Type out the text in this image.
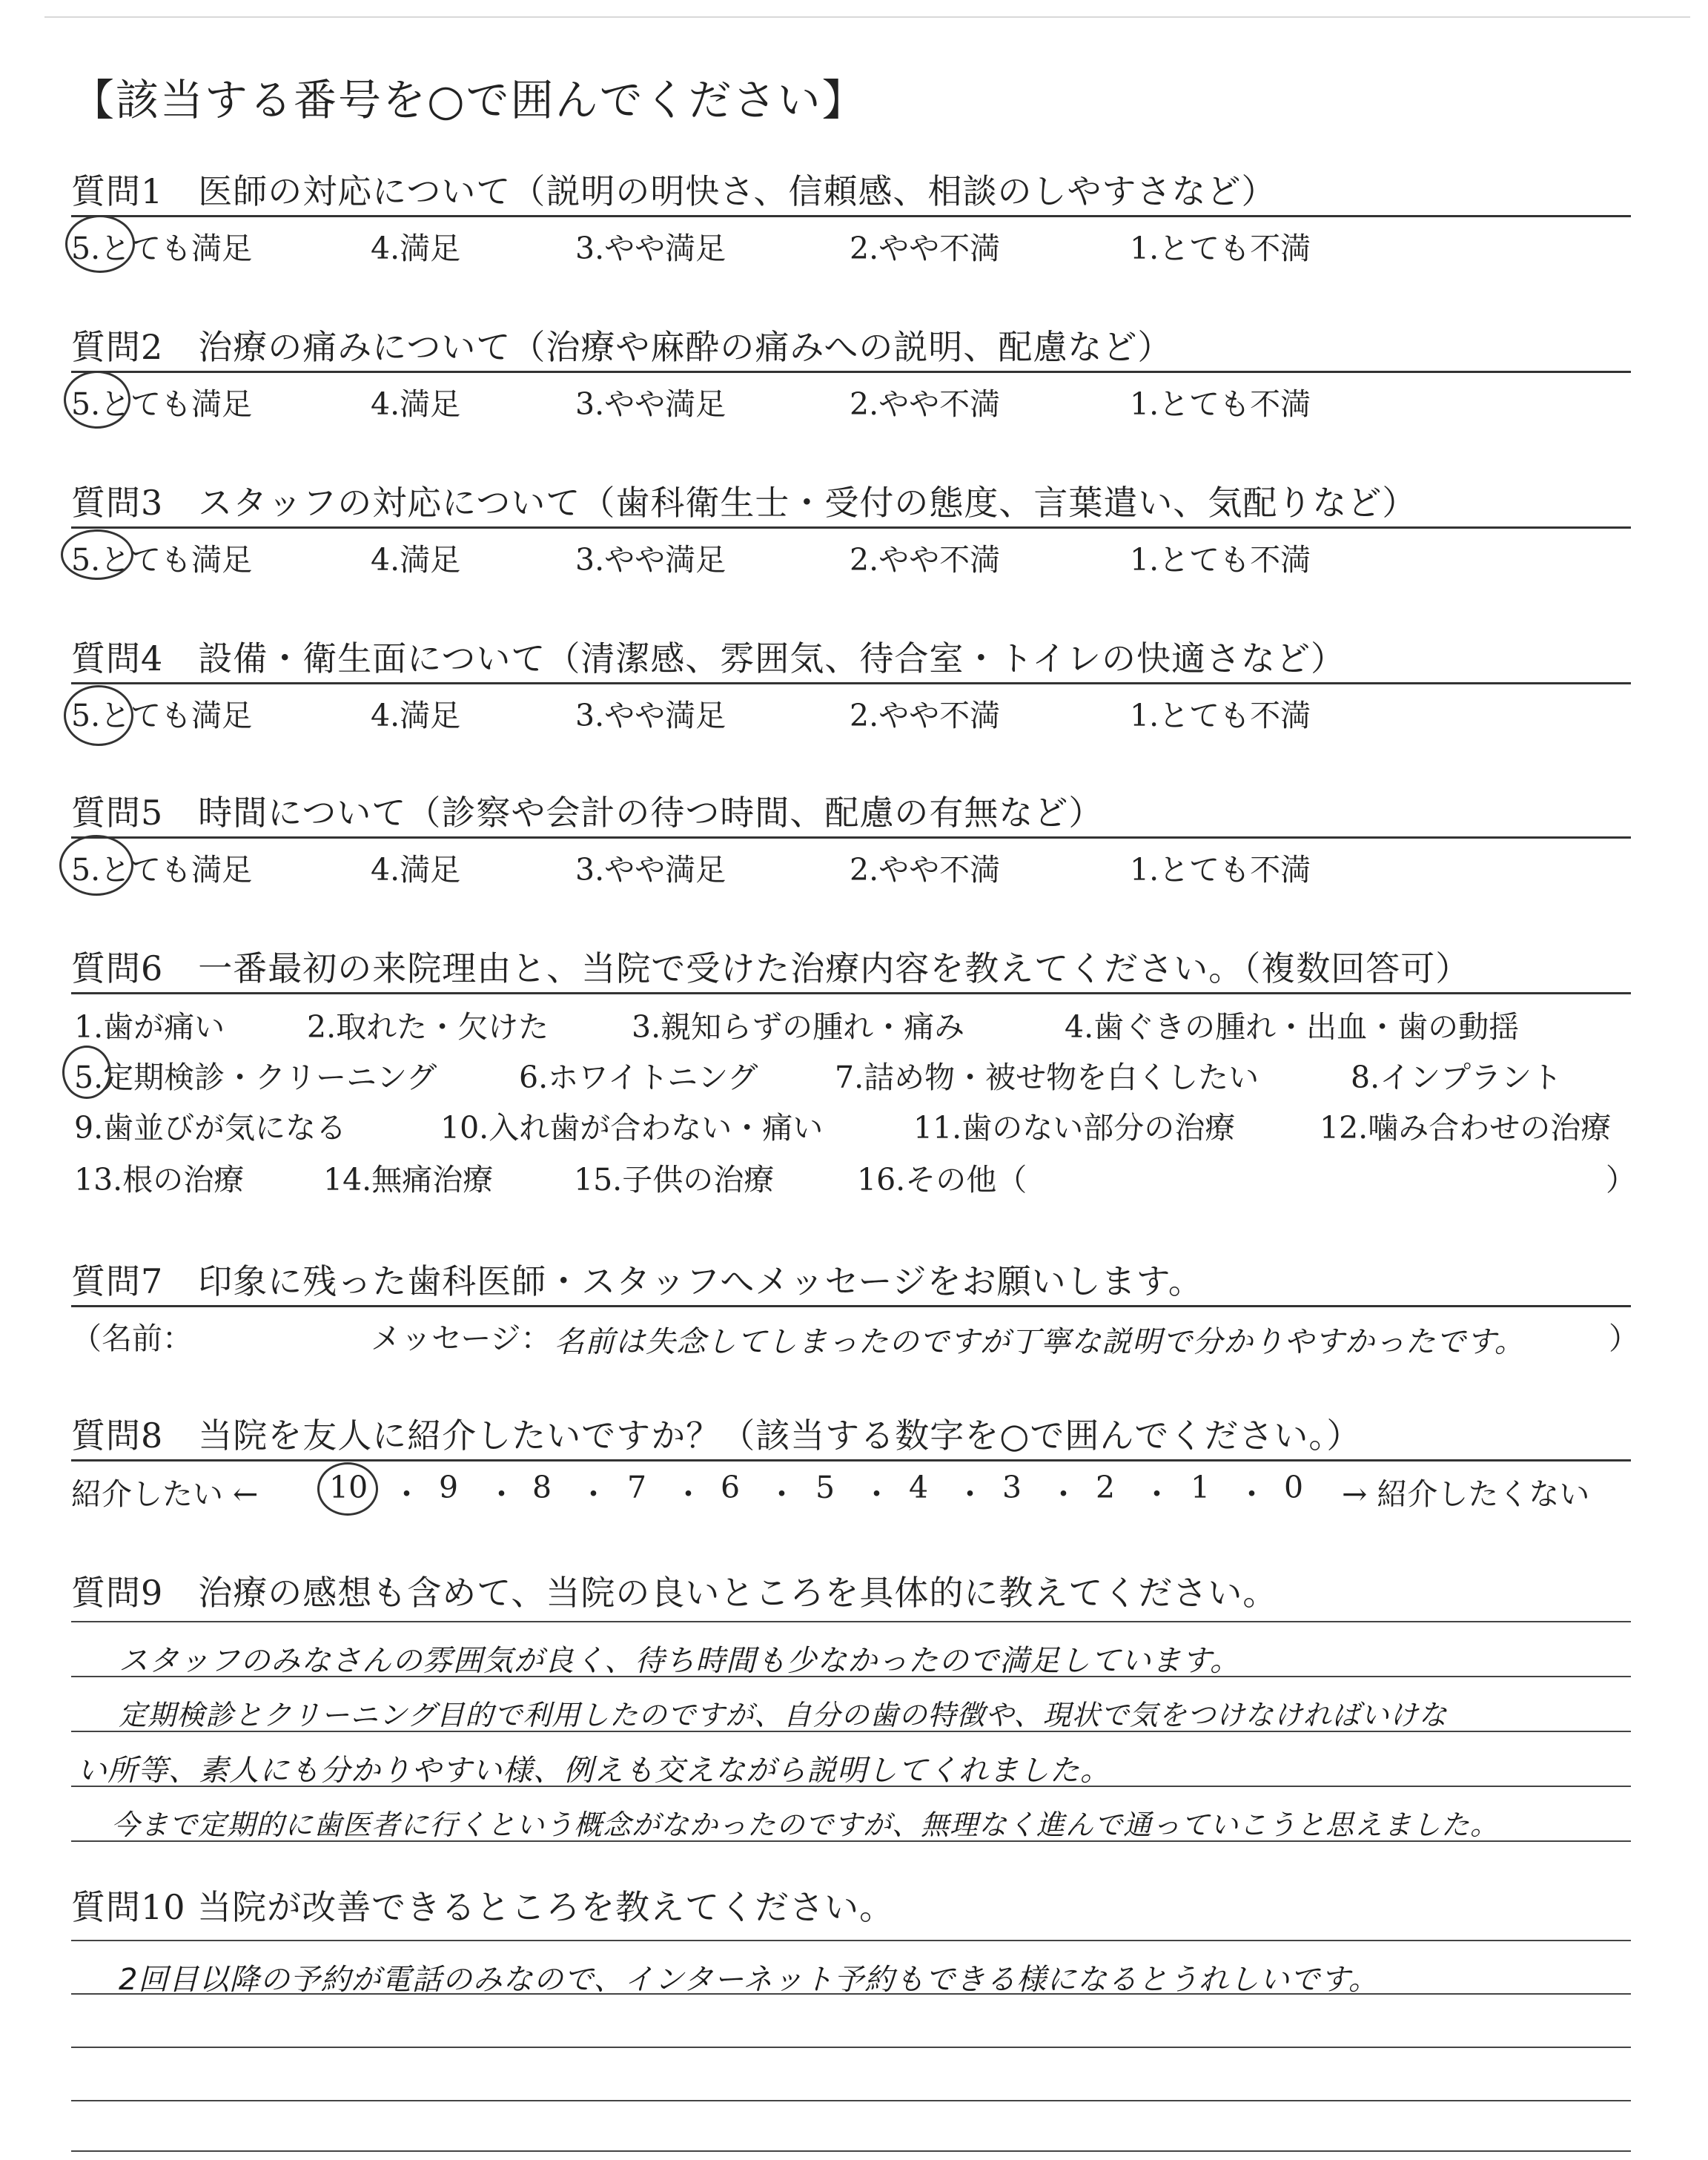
【該当する番号を○で囲んでください】
質問1　医師の対応について（説明の明快さ、信頼感、相談のしやすさなど）
5.とても満足	4.満足	3.やや満足	2.やや不満	1.とても不満
質問2　治療の痛みについて（治療や麻酔の痛みへの説明、配慮など）
5.とても満足	4.満足	3.やや満足	2.やや不満	1.とても不満
質問3　スタッフの対応について（歯科衛生士・受付の態度、言葉遣い、気配りなど）
5.とても満足	4.満足	3.やや満足	2.やや不満	1.とても不満
質問4　設備・衛生面について（清潔感、雰囲気、待合室・トイレの快適さなど）
5.とても満足	4.満足	3.やや満足	2.やや不満	1.とても不満
質問5　時間について（診察や会計の待つ時間、配慮の有無など）
5.とても満足	4.満足	3.やや満足	2.やや不満	1.とても不満
質問6　一番最初の来院理由と、当院で受けた治療内容を教えてください。（複数回答可）
1.歯が痛い	2.取れた・欠けた	3.親知らずの腫れ・痛み	4.歯ぐきの腫れ・出血・歯の動揺
5.定期検診・クリーニング	6.ホワイトニング	7.詰め物・被せ物を白くしたい	8.インプラント
9.歯並びが気になる	10.入れ歯が合わない・痛い	11.歯のない部分の治療	12.噛み合わせの治療
13.根の治療	14.無痛治療	15.子供の治療	16.その他（	）
質問7　印象に残った歯科医師・スタッフへメッセージをお願いします。
（名前：	メッセージ： 名前は失念してしまったのですが丁寧な説明で分かりやすかったです。	）
質問8　当院を友人に紹介したいですか？（該当する数字を○で囲んでください。）
紹介したい ← 10 ・ 9 ・ 8 ・ 7 ・ 6 ・ 5 ・ 4 ・ 3 ・ 2 ・ 1 ・ 0 → 紹介したくない
質問9　治療の感想も含めて、当院の良いところを具体的に教えてください。
スタッフのみなさんの雰囲気が良く、待ち時間も少なかったので満足しています。
定期検診とクリーニング目的で利用したのですが、自分の歯の特徴や、現状で気をつけなければいけな
い所等、素人にも分かりやすい様、例えも交えながら説明してくれました。
今まで定期的に歯医者に行くという概念がなかったのですが、無理なく進んで通っていこうと思えました。
質問10 当院が改善できるところを教えてください。
2回目以降の予約が電話のみなので、インターネット予約もできる様になるとうれしいです。
